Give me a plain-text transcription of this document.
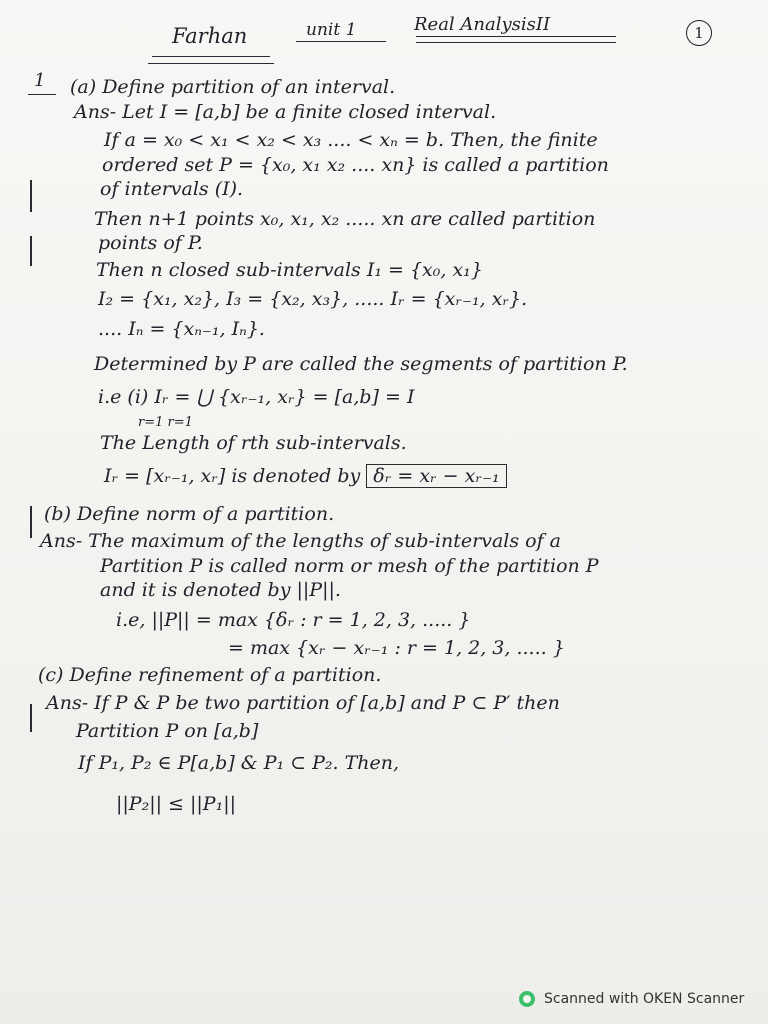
Farhan	unit 1	Real AnalysisII	1
1 (a) Define partition of an interval.
Ans- Let I = [a,b] be a finite closed interval.
If a = x₀ < x₁ < x₂ < x₃ .... < xₙ = b. Then, the finite
ordered set P = {x₀, x₁ x₂ .... xn} is called a partition
of intervals (I).
Then n+1 points x₀, x₁, x₂ ..... xn are called partition
points of P.
Then n closed sub-intervals I₁ = {x₀, x₁}
I₂ = {x₁, x₂}, I₃ = {x₂, x₃}, ..... Iᵣ = {xᵣ₋₁, xᵣ}.
.... Iₙ = {xₙ₋₁, Iₙ}.
Determined by P are called the segments of partition P.
i.e (i) Iᵣ = ⋃ {xᵣ₋₁, xᵣ} = [a,b] = I
r=1 r=1
The Length of rth sub-intervals.
Iᵣ = [xᵣ₋₁, xᵣ] is denoted by δᵣ = xᵣ − xᵣ₋₁
(b) Define norm of a partition.
Ans- The maximum of the lengths of sub-intervals of a
Partition P is called norm or mesh of the partition P
and it is denoted by ||P||.
i.e, ||P|| = max {δᵣ : r = 1, 2, 3, ..... }
= max {xᵣ − xᵣ₋₁ : r = 1, 2, 3, ..... }
(c) Define refinement of a partition.
Ans- If P & P be two partition of [a,b] and P ⊂ P′ then
Partition P on [a,b]
If P₁, P₂ ∈ P[a,b] & P₁ ⊂ P₂. Then,
||P₂|| ≤ ||P₁||
Scanned with OKEN Scanner
